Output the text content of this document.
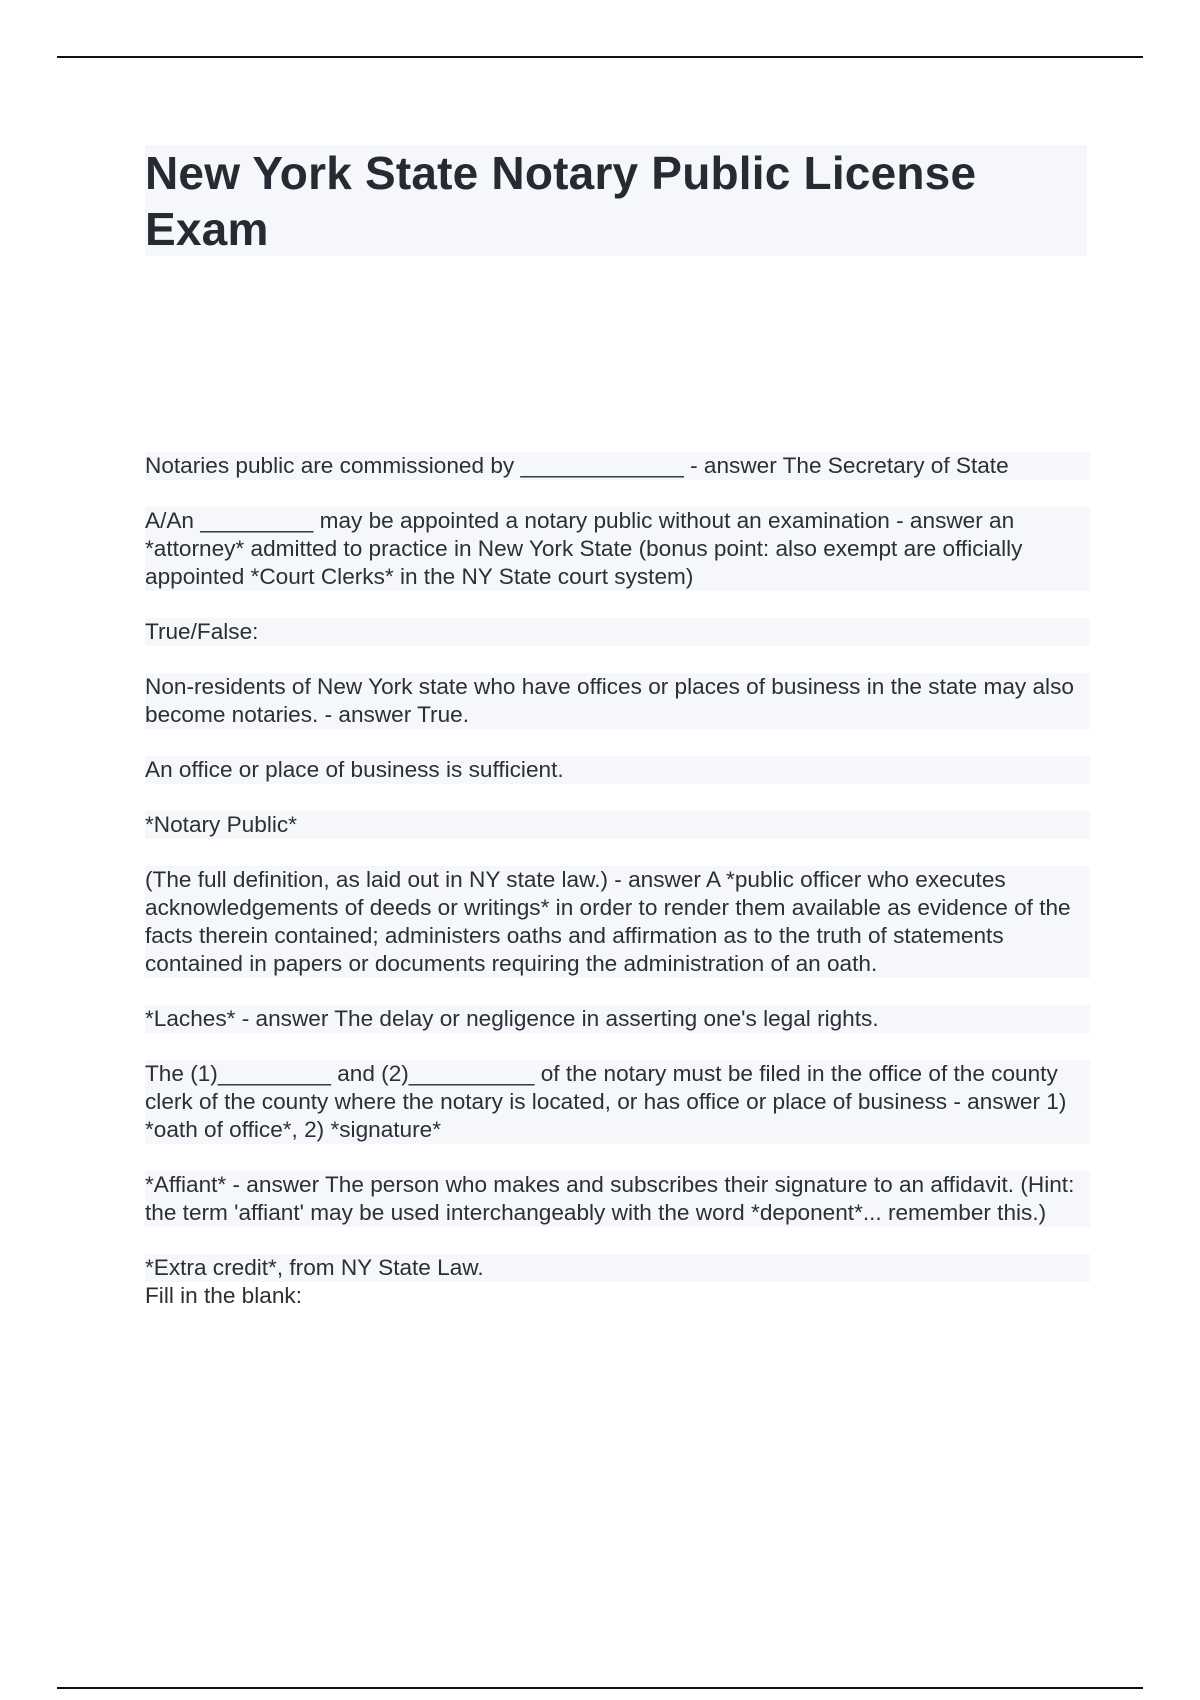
New York State Notary Public License
Exam

Notaries public are commissioned by _____________ - answer The Secretary of State

A/An _________ may be appointed a notary public without an examination - answer an *attorney* admitted to practice in New York State (bonus point: also exempt are officially appointed *Court Clerks* in the NY State court system)

True/False:

Non-residents of New York state who have offices or places of business in the state may also become notaries. - answer True.

An office or place of business is sufficient.

*Notary Public*

(The full definition, as laid out in NY state law.) - answer A *public officer who executes acknowledgements of deeds or writings* in order to render them available as evidence of the facts therein contained; administers oaths and affirmation as to the truth of statements contained in papers or documents requiring the administration of an oath.

*Laches* - answer The delay or negligence in asserting one's legal rights.

The (1)_________ and (2)__________ of the notary must be filed in the office of the county clerk of the county where the notary is located, or has office or place of business - answer 1) *oath of office*, 2) *signature*

*Affiant* - answer The person who makes and subscribes their signature to an affidavit. (Hint: the term 'affiant' may be used interchangeably with the word *deponent*... remember this.)

*Extra credit*, from NY State Law.

Fill in the blank:
